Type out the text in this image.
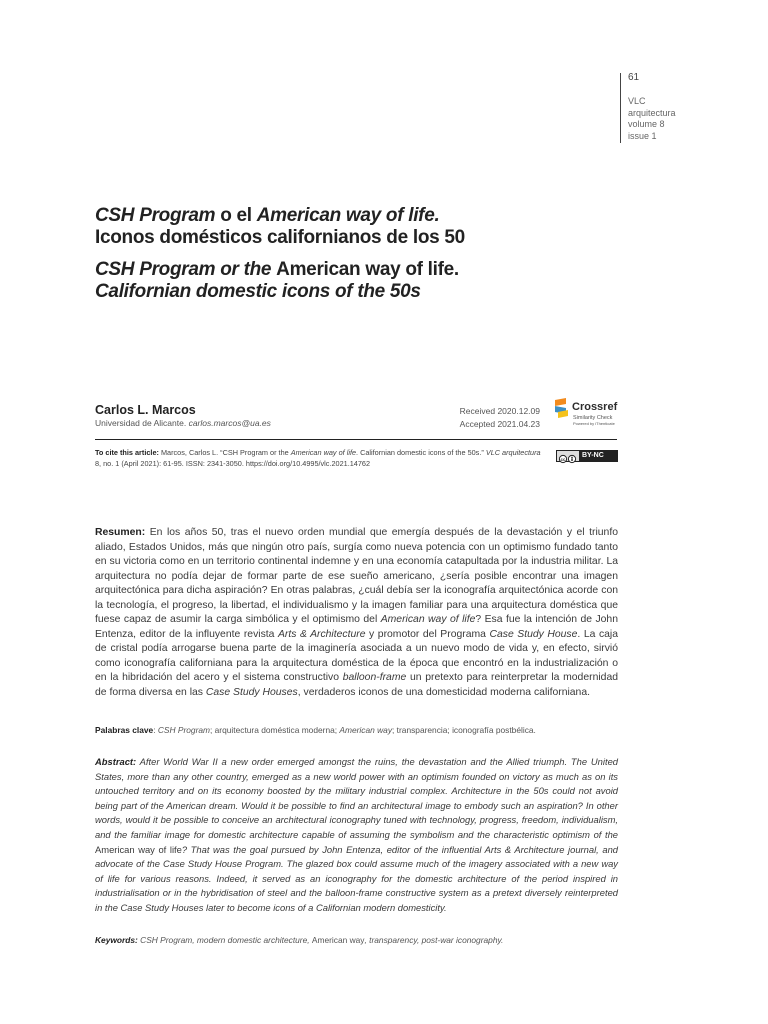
61
VLC
arquitectura
volume 8
issue 1
CSH Program o el American way of life.
Iconos domésticos californianos de los 50
CSH Program or the American way of life.
Californian domestic icons of the 50s
Carlos L. Marcos
Universidad de Alicante. carlos.marcos@ua.es
Received 2020.12.09
Accepted 2021.04.23
Crossref
Similarity Check
Powered by iThenticate
To cite this article: Marcos, Carlos L. “CSH Program or the American way of life. Californian domestic icons of the 50s.” VLC arquitectura 8, no. 1 (April 2021): 61-95. ISSN: 2341-3050. https://doi.org/10.4995/vlc.2021.14762	cc
BY-NC
Resumen: En los años 50, tras el nuevo orden mundial que emergía después de la devastación y el triunfo aliado, Estados Unidos, más que ningún otro país, surgía como nueva potencia con un optimismo fundado tanto en su victoria como en un territorio continental indemne y en una economía catapultada por la industria militar. La arquitectura no podía dejar de formar parte de ese sueño americano, ¿sería posible encontrar una imagen arquitectónica para dicha aspiración? En otras palabras, ¿cuál debía ser la iconografía arquitectónica acorde con la tecnología, el progreso, la libertad, el individualismo y la imagen familiar para una arquitectura doméstica que fuese capaz de asumir la carga simbólica y el optimismo del American way of life? Esa fue la intención de John Entenza, editor de la influyente revista Arts & Architecture y promotor del Programa Case Study House. La caja de cristal podía arrogarse buena parte de la imaginería asociada a un nuevo modo de vida y, en efecto, sirvió como iconografía californiana para la arquitectura doméstica de la época que encontró en la industrialización o en la hibridación del acero y el sistema constructivo balloon-frame un pretexto para reinterpretar la modernidad de forma diversa en las Case Study Houses, verdaderos iconos de una domesticidad moderna californiana.
Palabras clave: CSH Program; arquitectura doméstica moderna; American way; transparencia; iconografía postbélica.
Abstract: After World War II a new order emerged amongst the ruins, the devastation and the Allied triumph. The United States, more than any other country, emerged as a new world power with an optimism founded on victory as much as on its untouched territory and on its economy boosted by the military industrial complex. Architecture in the 50s could not avoid being part of the American dream. Would it be possible to find an architectural image to embody such an aspiration? In other words, would it be possible to conceive an architectural iconography tuned with technology, progress, freedom, individualism, and the familiar image for domestic architecture capable of assuming the symbolism and the characteristic optimism of the American way of life? That was the goal pursued by John Entenza, editor of the influential Arts & Architecture journal, and advocate of the Case Study House Program. The glazed box could assume much of the imagery associated with a new way of life for various reasons. Indeed, it served as an iconography for the domestic architecture of the period inspired in industrialisation or in the hybridisation of steel and the balloon-frame constructive system as a pretext diversely reinterpreted in the Case Study Houses later to become icons of a Californian modern domesticity.
Keywords: CSH Program, modern domestic architecture, American way, transparency, post-war iconography.
